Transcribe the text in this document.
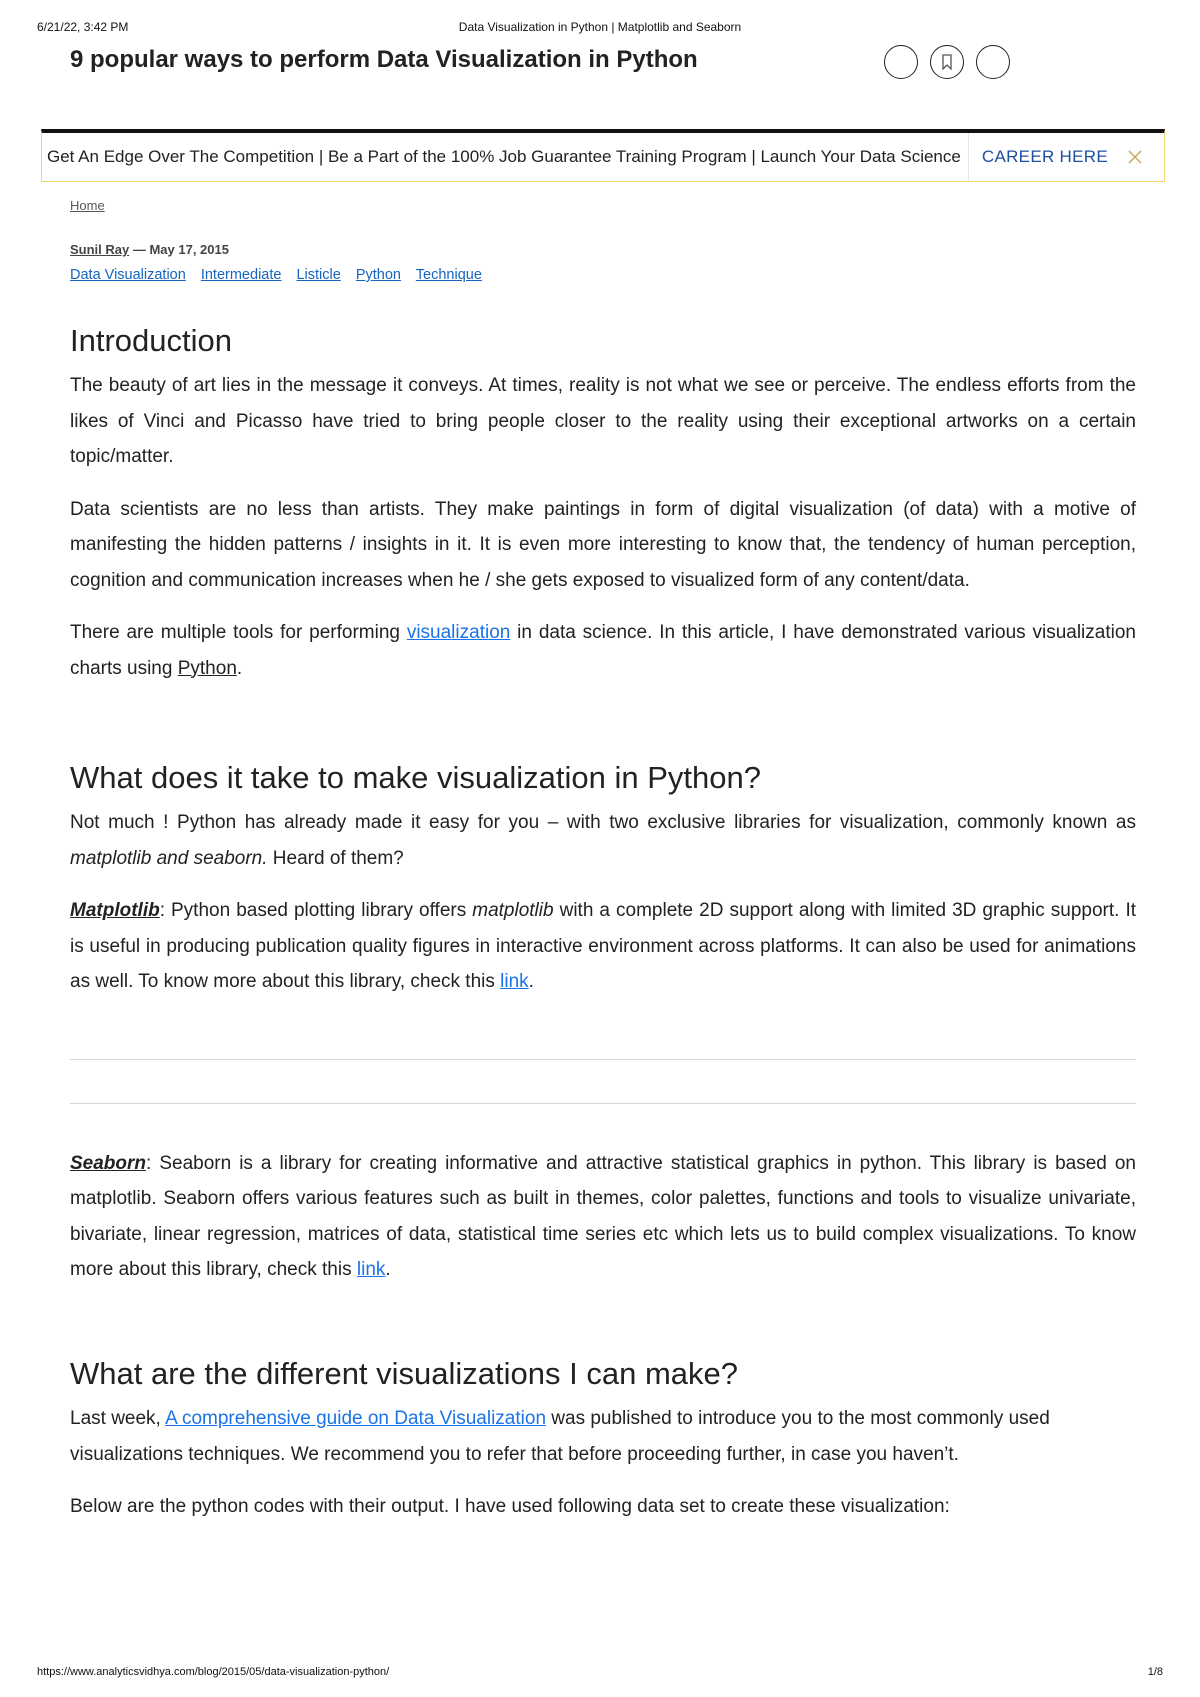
6/21/22, 3:42 PM	Data Visualization in Python | Matplotlib and Seaborn
9 popular ways to perform Data Visualization in Python
Get An Edge Over The Competition | Be a Part of the 100% Job Guarantee Training Program | Launch Your Data Science	CAREER HERE
Home
Sunil Ray — May 17, 2015
Data Visualization Intermediate Listicle Python Technique
Introduction

The beauty of art lies in the message it conveys. At times, reality is not what we see or perceive. The endless efforts from the likes of Vinci and Picasso have tried to bring people closer to the reality using their exceptional artworks on a certain topic/matter.

Data scientists are no less than artists. They make paintings in form of digital visualization (of data) with a motive of manifesting the hidden patterns / insights in it. It is even more interesting to know that, the tendency of human perception, cognition and communication increases when he / she gets exposed to visualized form of any content/data.

There are multiple tools for performing visualization in data science. In this article, I have demonstrated various visualization charts using Python.

What does it take to make visualization in Python?

Not much ! Python has already made it easy for you – with two exclusive libraries for visualization, commonly known as matplotlib and seaborn. Heard of them?

Matplotlib: Python based plotting library offers matplotlib with a complete 2D support along with limited 3D graphic support. It is useful in producing publication quality figures in interactive environment across platforms. It can also be used for animations as well. To know more about this library, check this link.

Seaborn: Seaborn is a library for creating informative and attractive statistical graphics in python. This library is based on matplotlib. Seaborn offers various features such as built in themes, color palettes, functions and tools to visualize univariate, bivariate, linear regression, matrices of data, statistical time series etc which lets us to build complex visualizations. To know more about this library, check this link.

What are the different visualizations I can make?

Last week, A comprehensive guide on Data Visualization was published to introduce you to the most commonly used visualizations techniques. We recommend you to refer that before proceeding further, in case you haven’t.

Below are the python codes with their output. I have used following data set to create these visualization:

https://www.analyticsvidhya.com/blog/2015/05/data-visualization-python/	1/8
